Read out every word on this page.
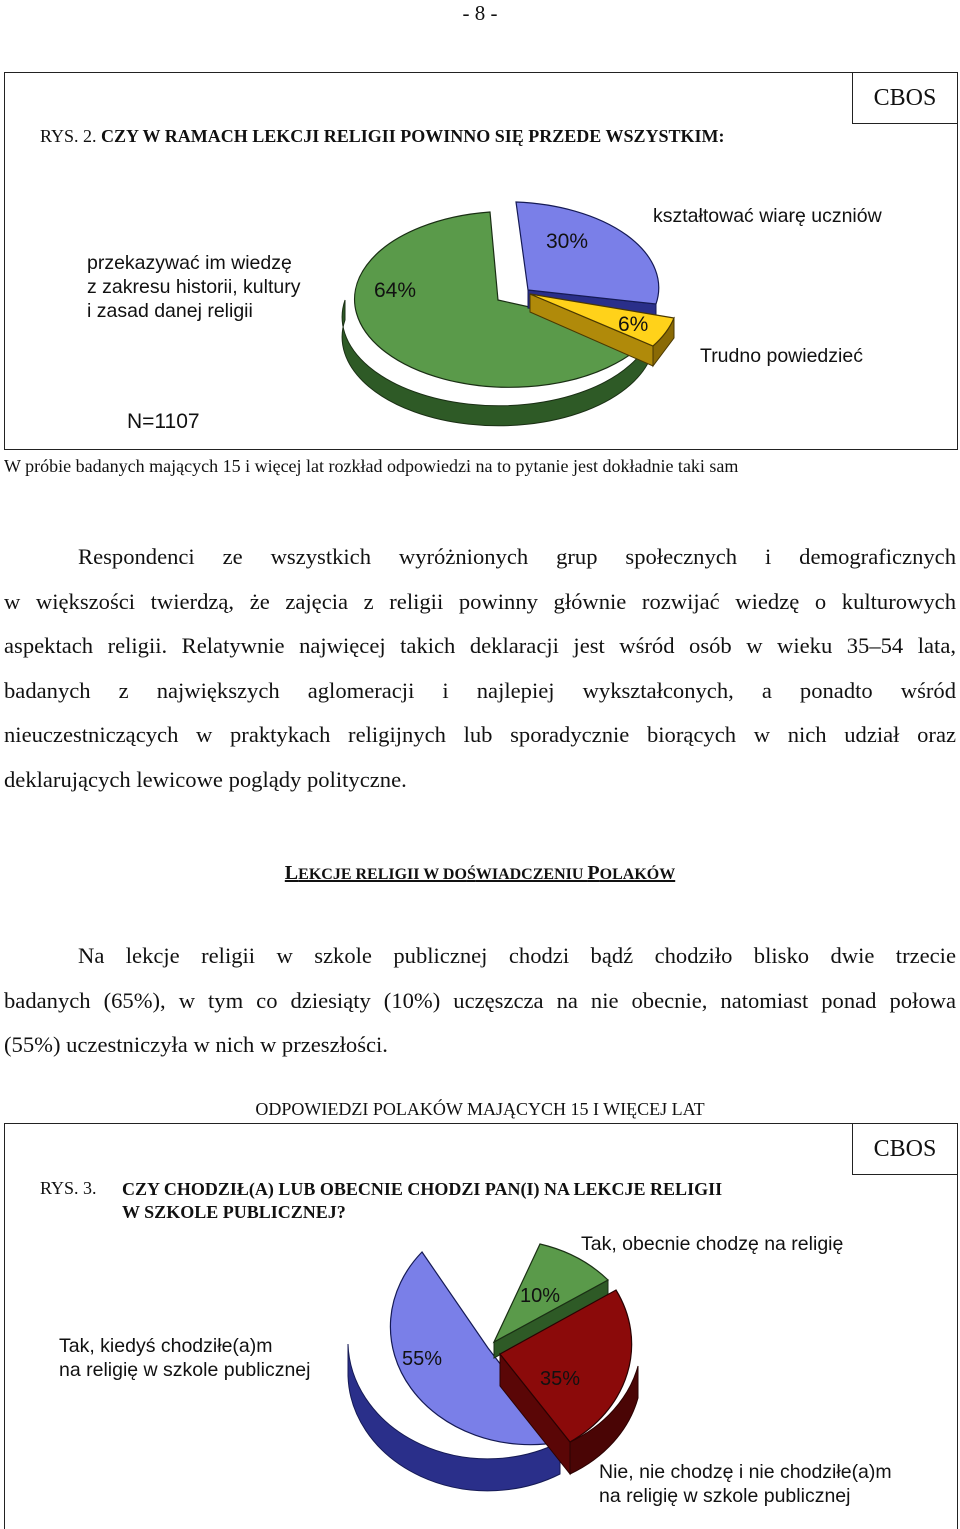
- 8 -
CBOS
RYS. 2. CZY W RAMACH LEKCJI RELIGII POWINNO SIĘ PRZEDE WSZYSTKIM:
64%
30%
6%
przekazywać im wiedzę
z zakresu historii, kultury
i zasad danej religii
kształtować wiarę uczniów
Trudno powiedzieć
N=1107
W próbie badanych mających 15 i więcej lat rozkład odpowiedzi na to pytanie jest dokładnie taki sam
Respondenci ze wszystkich wyróżnionych grup społecznych i demograficznych
w większości twierdzą, że zajęcia z religii powinny głównie rozwijać wiedzę o kulturowych
aspektach religii. Relatywnie najwięcej takich deklaracji jest wśród osób w wieku 35–54 lata,
badanych z największych aglomeracji i najlepiej wykształconych, a ponadto wśród
nieuczestniczących w praktykach religijnych lub sporadycznie biorących w nich udział oraz
deklarujących lewicowe poglądy polityczne.
LEKCJE RELIGII W DOŚWIADCZENIU POLAKÓW
Na lekcje religii w szkole publicznej chodzi bądź chodziło blisko dwie trzecie
badanych (65%), w tym co dziesiąty (10%) uczęszcza na nie obecnie, natomiast ponad połowa
(55%) uczestniczyła w nich w przeszłości.
ODPOWIEDZI POLAKÓW MAJĄCYCH 15 I WIĘCEJ LAT
CBOS
RYS. 3. CZY CHODZIŁ(A) LUB OBECNIE CHODZI PAN(I) NA LEKCJE RELIGII
W SZKOLE PUBLICZNEJ?
10%
35%
55%
Tak, obecnie chodzę na religię
Tak, kiedyś chodziłe(a)m
na religię w szkole publicznej
Nie, nie chodzę i nie chodziłe(a)m
na religię w szkole publicznej
